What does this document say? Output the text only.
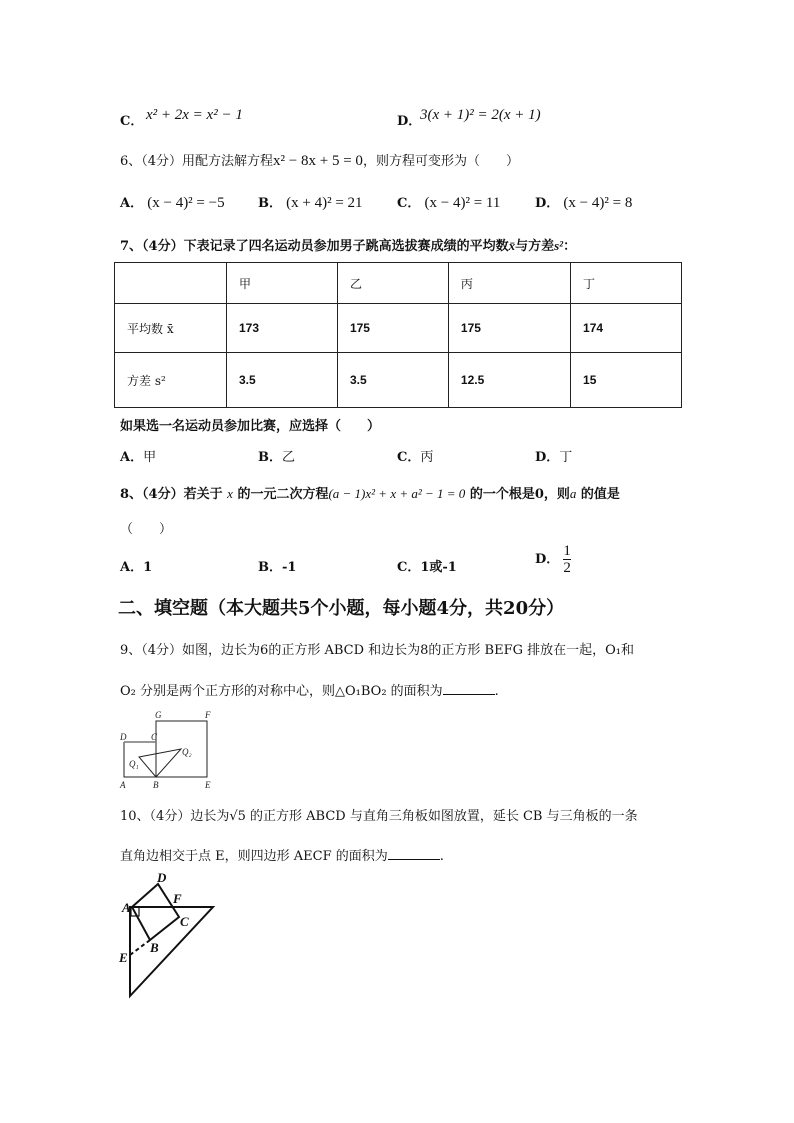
C． x² + 2x = x² − 1	D．
3(x + 1)² = 2(x + 1)
6、（4分）用配方法解方程x² − 8x + 5 = 0，则方程可变形为（　　）
A． (x − 4)² = −5	B． (x + 4)² = 21	C． (x − 4)² = 11	D． (x − 4)² = 8
7、（4分）下表记录了四名运动员参加男子跳高选拔赛成绩的平均数x̄与方差s²：
	甲	乙	丙	丁
平均数 x̄	173	175	175	174
方差 s²	3.5	3.5	12.5	15
如果选一名运动员参加比赛，应选择（　　）
A．甲	B．乙	C．丙	D．丁
8、（4分）若关于 x 的一元二次方程(a − 1)x² + x + a² − 1 = 0 的一个根是0，则a 的值是
（　　）
A．1	B．-1	C．1或-1
D． $\frac{1}{2}$
二、填空题（本大题共5个小题，每小题4分，共20分）
9、（4分）如图，边长为6的正方形 ABCD 和边长为8的正方形 BEFG 排放在一起，O₁和
O₂ 分别是两个正方形的对称中心，则△O₁BO₂ 的面积为	.
A	B
D	C
G	F
E
Q₁
Q₂
A
D
F
C
B
E
10、（4分）边长为√5 的正方形 ABCD 与直角三角板如图放置，延长 CB 与三角板的一条
直角边相交于点 E，则四边形 AECF 的面积为	.
